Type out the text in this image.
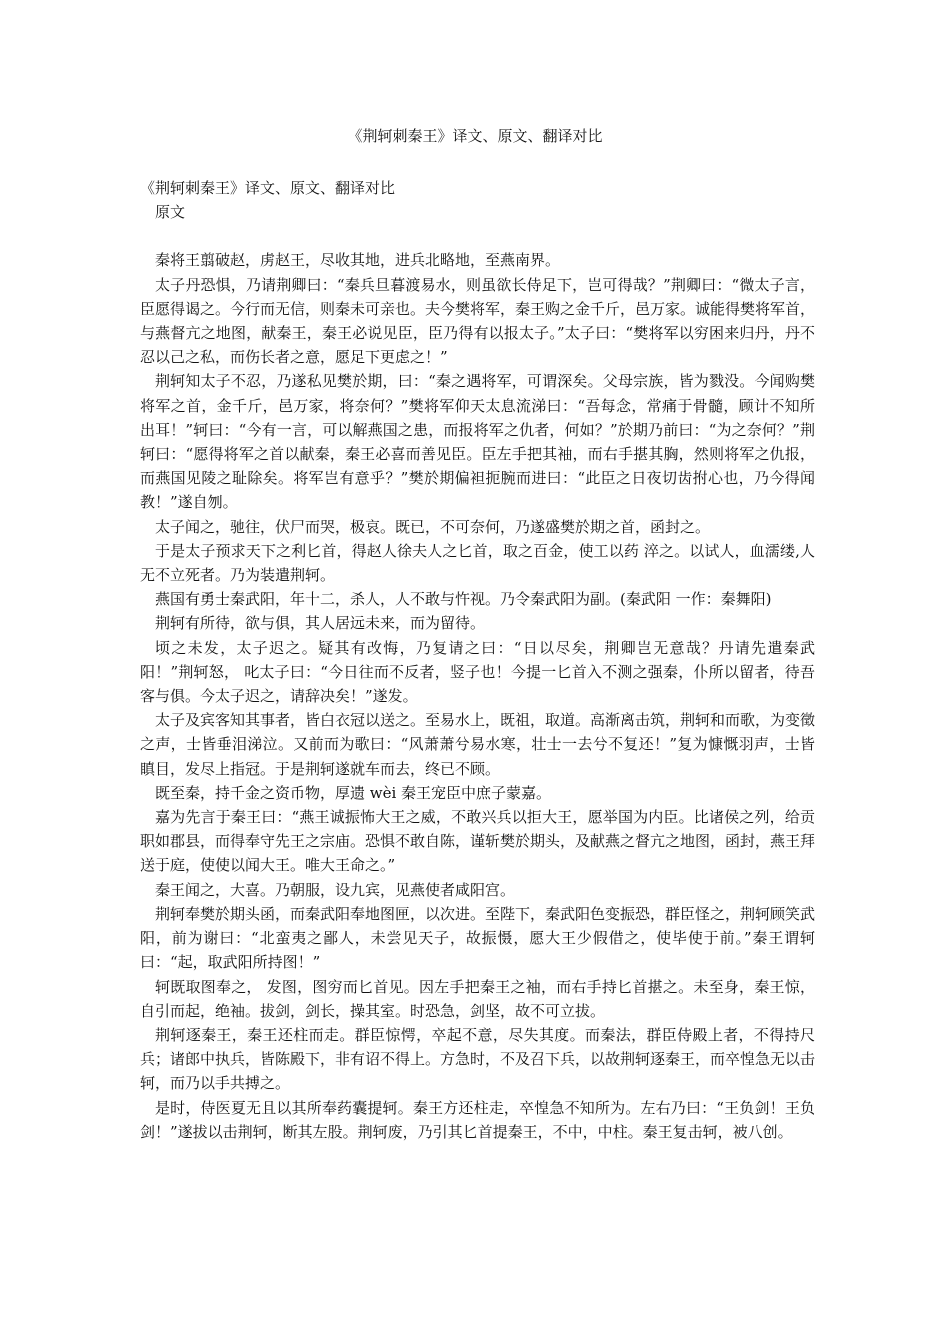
《荆轲刺秦王》译文、原文、翻译对比

《荆轲刺秦王》译文、原文、翻译对比

原文

秦将王翦破赵，虏赵王，尽收其地，进兵北略地，至燕南界。

太子丹恐惧，乃请荆卿曰：“秦兵旦暮渡易水，则虽欲长侍足下，岂可得哉？”荆卿曰：“微太子言，臣愿得谒之。今行而无信，则秦未可亲也。夫今樊将军，秦王购之金千斤，邑万家。诚能得樊将军首，与燕督亢之地图，献秦王，秦王必说见臣，臣乃得有以报太子。”太子曰：“樊将军以穷困来归丹，丹不忍以己之私，而伤长者之意，愿足下更虑之！”

荆轲知太子不忍，乃遂私见樊於期，曰：“秦之遇将军，可谓深矣。父母宗族，皆为戮没。今闻购樊将军之首，金千斤，邑万家，将奈何？”樊将军仰天太息流涕曰：“吾每念，常痛于骨髓，顾计不知所出耳！”轲曰：“今有一言，可以解燕国之患，而报将军之仇者，何如？”於期乃前曰：“为之奈何？”荆轲曰：“愿得将军之首以献秦，秦王必喜而善见臣。臣左手把其袖，而右手揕其胸，然则将军之仇报，而燕国见陵之耻除矣。将军岂有意乎？”樊於期偏袒扼腕而进曰：“此臣之日夜切齿拊心也，乃今得闻教！”遂自刎。

太子闻之，驰往，伏尸而哭，极哀。既已，不可奈何，乃遂盛樊於期之首，函封之。

于是太子预求天下之利匕首，得赵人徐夫人之匕首，取之百金，使工以药 淬之。以试人，血濡缕,人无不立死者。乃为装遣荆轲。

燕国有勇士秦武阳，年十二，杀人，人不敢与忤视。乃令秦武阳为副。(秦武阳 一作：秦舞阳)

荆轲有所待，欲与俱，其人居远未来，而为留待。

顷之未发，太子迟之。疑其有改悔，乃复请之曰：“日以尽矣，荆卿岂无意哉？丹请先遣秦武阳！”荆轲怒， 叱太子曰：“今日往而不反者，竖子也！今提一匕首入不测之强秦，仆所以留者，待吾客与俱。今太子迟之，请辞决矣！”遂发。

太子及宾客知其事者，皆白衣冠以送之。至易水上，既祖，取道。高渐离击筑，荆轲和而歌，为变徵之声，士皆垂泪涕泣。又前而为歌曰：“风萧萧兮易水寒，壮士一去兮不复还！”复为慷慨羽声，士皆瞋目，发尽上指冠。于是荆轲遂就车而去，终已不顾。

既至秦，持千金之资币物，厚遗 wèi 秦王宠臣中庶子蒙嘉。

嘉为先言于秦王曰：“燕王诚振怖大王之威，不敢兴兵以拒大王，愿举国为内臣。比诸侯之列，给贡职如郡县，而得奉守先王之宗庙。恐惧不敢自陈，谨斩樊於期头，及献燕之督亢之地图，函封，燕王拜送于庭，使使以闻大王。唯大王命之。”

秦王闻之，大喜。乃朝服，设九宾，见燕使者咸阳宫。

荆轲奉樊於期头函，而秦武阳奉地图匣，以次进。至陛下，秦武阳色变振恐，群臣怪之，荆轲顾笑武阳，前为谢曰：“北蛮夷之鄙人，未尝见天子，故振慑，愿大王少假借之，使毕使于前。”秦王谓轲曰：“起，取武阳所持图！”

轲既取图奉之， 发图，图穷而匕首见。因左手把秦王之袖，而右手持匕首揕之。未至身，秦王惊，自引而起，绝袖。拔剑，剑长，操其室。时恐急，剑坚，故不可立拔。

荆轲逐秦王，秦王还柱而走。群臣惊愕，卒起不意，尽失其度。而秦法，群臣侍殿上者，不得持尺兵；诸郎中执兵，皆陈殿下，非有诏不得上。方急时，不及召下兵，以故荆轲逐秦王，而卒惶急无以击轲，而乃以手共搏之。

是时，侍医夏无且以其所奉药囊提轲。秦王方还柱走，卒惶急不知所为。左右乃曰：“王负剑！王负剑！”遂拔以击荆轲，断其左股。荆轲废，乃引其匕首提秦王，不中，中柱。秦王复击轲，被八创。
